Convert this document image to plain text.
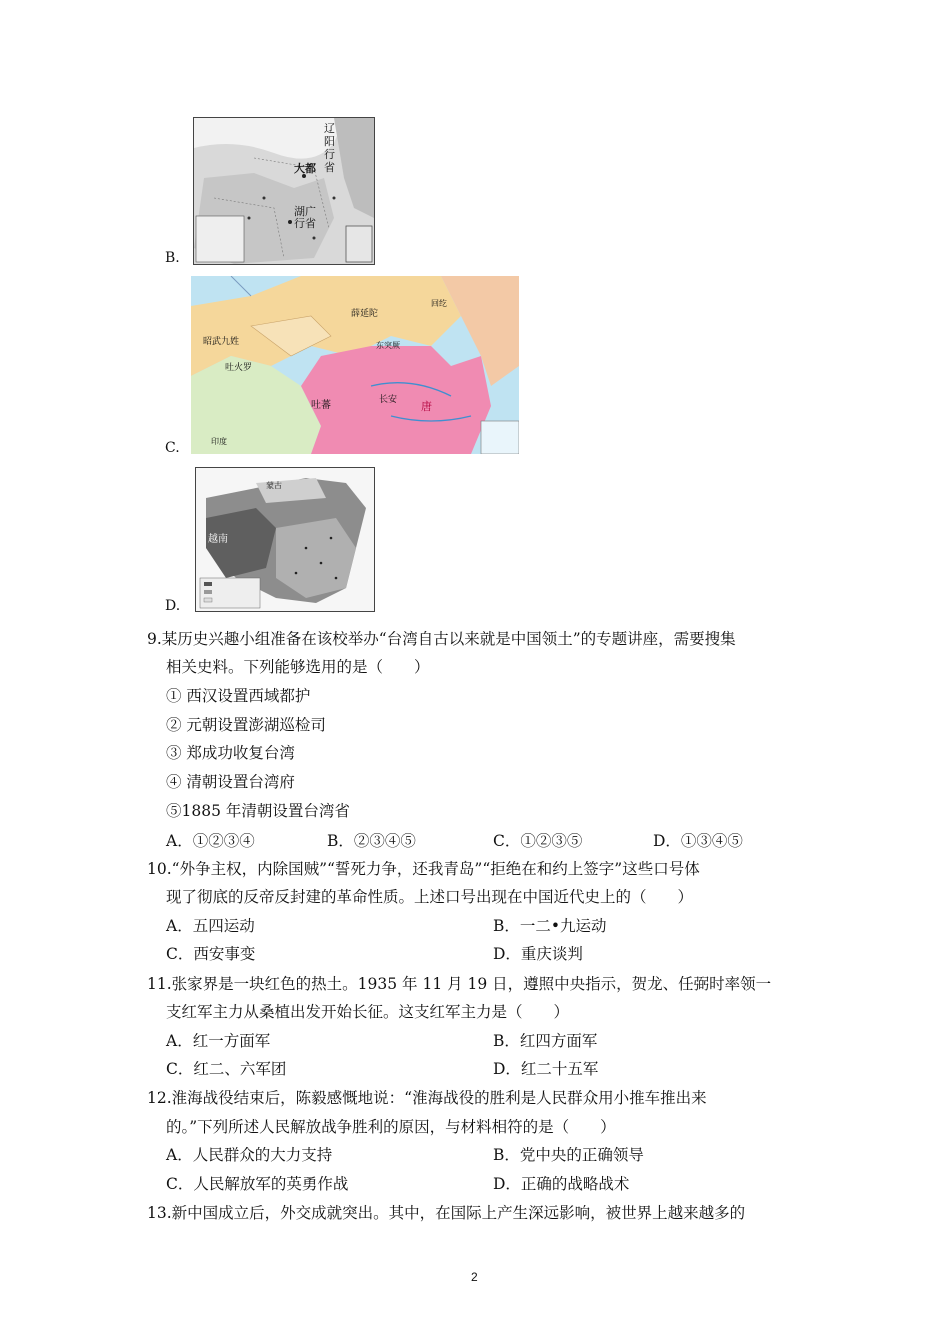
B.
辽阳行省
大都
湖广行省
C.
薛延陀
昭武九姓
吐火罗
吐蕃	长安 唐
东突厥
回纥
印度
D.
蒙古
越南
9.某历史兴趣小组准备在该校举办“台湾自古以来就是中国领土”的专题讲座，需要搜集
相关史料。下列能够选用的是（　　）
① 西汉设置西域都护
② 元朝设置澎湖巡检司
③ 郑成功收复台湾
④ 清朝设置台湾府
⑤1885 年清朝设置台湾省
A．①②③④	B．②③④⑤	C．①②③⑤	D．①③④⑤
10.“外争主权，内除国贼”“誓死力争，还我青岛”“拒绝在和约上签字”这些口号体
现了彻底的反帝反封建的革命性质。上述口号出现在中国近代史上的（　　）
A．五四运动	B．一二•九运动
C．西安事变	D．重庆谈判
11.张家界是一块红色的热土。1935 年 11 月 19 日，遵照中央指示，贺龙、任弼时率领一
支红军主力从桑植出发开始长征。这支红军主力是（　　）
A．红一方面军	B．红四方面军
C．红二、六军团	D．红二十五军
12.淮海战役结束后，陈毅感慨地说：“淮海战役的胜利是人民群众用小推车推出来
的。”下列所述人民解放战争胜利的原因，与材料相符的是（　　）
A．人民群众的大力支持	B．党中央的正确领导
C．人民解放军的英勇作战	D．正确的战略战术
13.新中国成立后，外交成就突出。其中，在国际上产生深远影响，被世界上越来越多的
2
